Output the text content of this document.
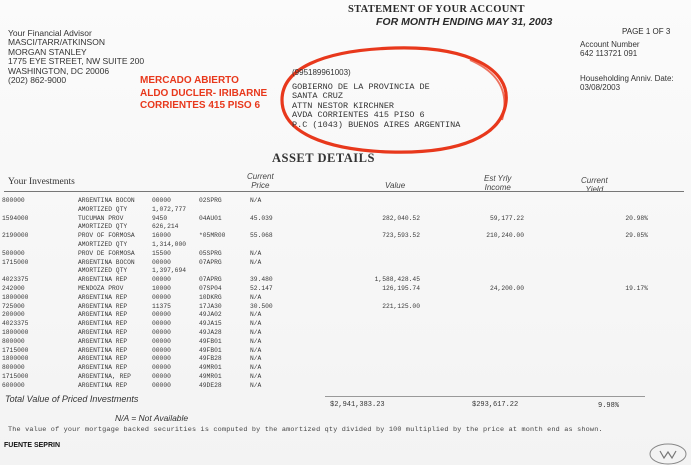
STATEMENT OF YOUR ACCOUNT
FOR MONTH ENDING MAY 31, 2003
PAGE 1 OF 3
Your Financial Advisor
MASCI/TARR/ATKINSON
MORGAN STANLEY
1775 EYE STREET, NW SUITE 200
WASHINGTON, DC 20006
(202) 862-9000
Account Number
642 113721 091
Householding Anniv. Date:
03/08/2003
MERCADO ABIERTO
ALDO DUCLER- IRIBARNE
CORRIENTES 415 PISO 6
(995189961003)
GOBIERNO DE LA PROVINCIA DE
SANTA CRUZ
ATTN NESTOR KIRCHNER
AVDA CORRIENTES 415 PISO 6
P.C (1043) BUENOS AIRES ARGENTINA
ASSET DETAILS
Your Investments
Current
Price	Value
Est Yrly
Income
Current
Yield
800000	ARGENTINA BOCON	00000	02SPRG	N/A
AMORTIZED QTY	1,072,777
1594000	TUCUMAN PROV	9450	04AU01	45.039	282,040.52	59,177.22	20.98%
AMORTIZED QTY	626,214
2190000	PROV OF FORMOSA	16000	*05MR00	55.068	723,593.52	210,240.00	29.05%
AMORTIZED QTY	1,314,000
500000	PROV DE FORMOSA	15500	05SPRG	N/A
1715000	ARGENTINA BOCON	00000	07APRG	N/A
AMORTIZED QTY	1,397,694
4023375	ARGENTINA REP	00000	07APRG	39.480	1,588,428.45
242000	MENDOZA PROV	10000	07SP04	52.147	126,195.74	24,200.00	19.17%
1800000	ARGENTINA REP	00000	10DKRG	N/A
725000	ARGENTINA REP	11375	17JA30	30.500	221,125.00
200000	ARGENTINA REP	00000	49JA02	N/A
4023375	ARGENTINA REP	00000	49JA15	N/A
1800000	ARGENTINA REP	00000	49JA28	N/A
800000	ARGENTINA REP	00000	49FB01	N/A
1715000	ARGENTINA REP	00000	49FB01	N/A
1800000	ARGENTINA REP	00000	49FB28	N/A
800000	ARGENTINA REP	00000	49MR01	N/A
1715000	ARGENTINA, REP	00000	49MR01	N/A
600000	ARGENTINA REP	00000	49DE28	N/A
Total Value of Priced Investments
$2,941,383.23	$293,617.22	9.98%
N/A = Not Available
The value of your mortgage backed securities is computed by the amortized qty divided by 100 multiplied by the price at month end as shown.
FUENTE SEPRIN
